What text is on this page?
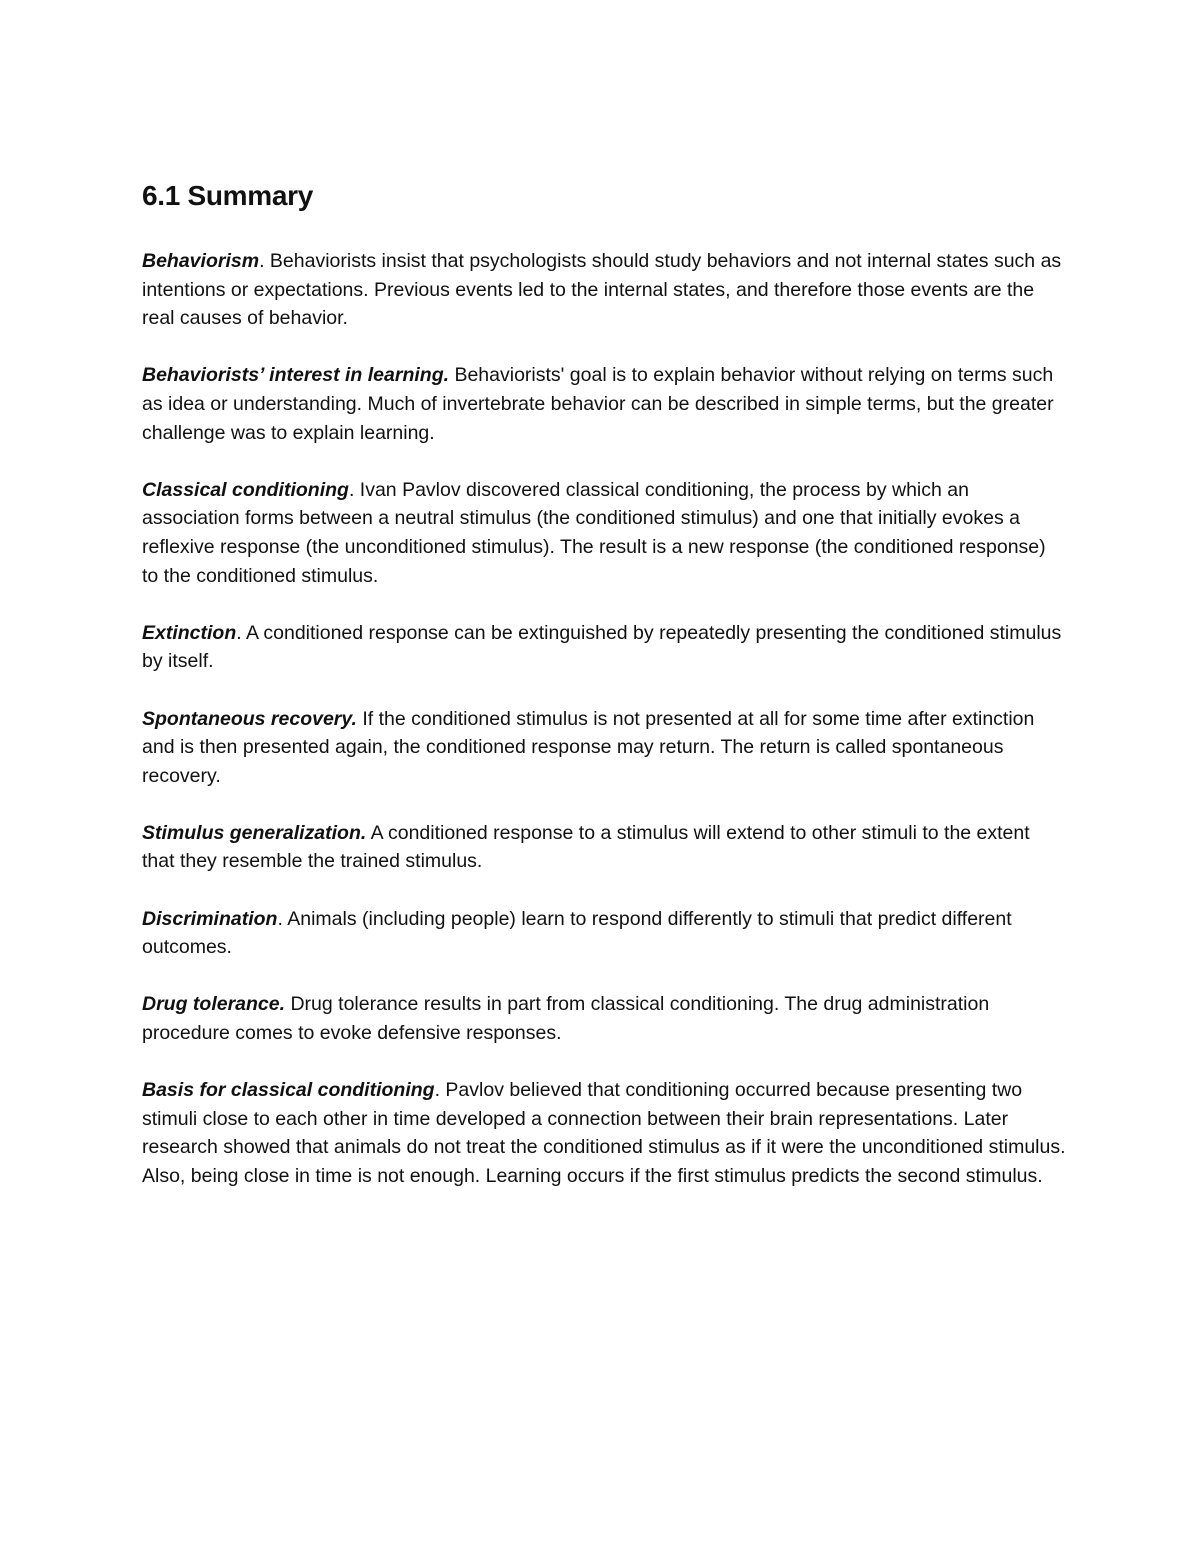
6.1 Summary

Behaviorism. Behaviorists insist that psychologists should study behaviors and not internal states such as intentions or expectations. Previous events led to the internal states, and therefore those events are the real causes of behavior.

Behaviorists’ interest in learning. Behaviorists' goal is to explain behavior without relying on terms such as idea or understanding. Much of invertebrate behavior can be described in simple terms, but the greater challenge was to explain learning.

Classical conditioning. Ivan Pavlov discovered classical conditioning, the process by which an association forms between a neutral stimulus (the conditioned stimulus) and one that initially evokes a reflexive response (the unconditioned stimulus). The result is a new response (the conditioned response) to the conditioned stimulus.

Extinction. A conditioned response can be extinguished by repeatedly presenting the conditioned stimulus by itself.

Spontaneous recovery. If the conditioned stimulus is not presented at all for some time after extinction and is then presented again, the conditioned response may return. The return is called spontaneous recovery.

Stimulus generalization. A conditioned response to a stimulus will extend to other stimuli to the extent that they resemble the trained stimulus.

Discrimination. Animals (including people) learn to respond differently to stimuli that predict different outcomes.

Drug tolerance. Drug tolerance results in part from classical conditioning. The drug administration procedure comes to evoke defensive responses.

Basis for classical conditioning. Pavlov believed that conditioning occurred because presenting two stimuli close to each other in time developed a connection between their brain representations. Later research showed that animals do not treat the conditioned stimulus as if it were the unconditioned stimulus. Also, being close in time is not enough. Learning occurs if the first stimulus predicts the second stimulus.
